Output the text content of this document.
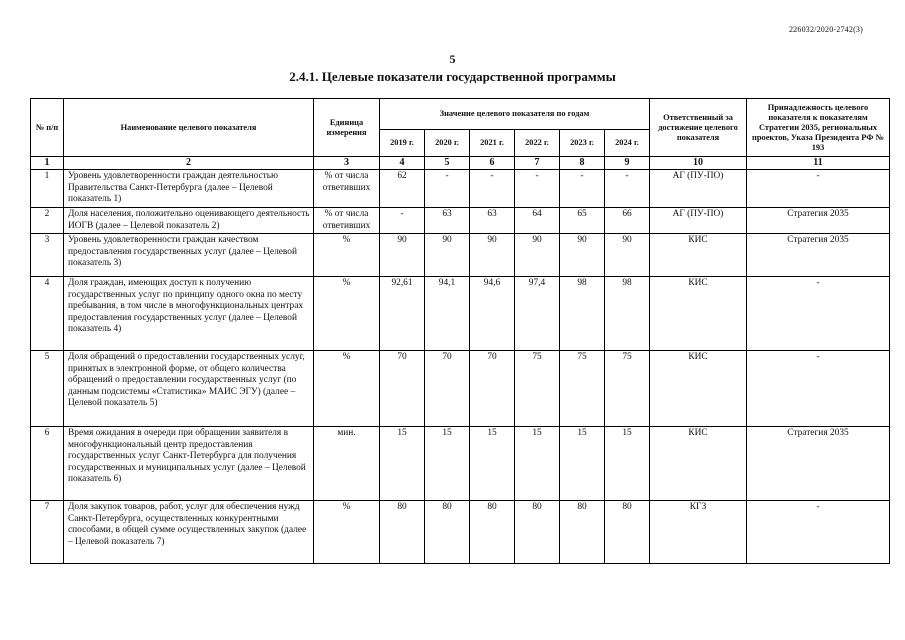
226032/2020-2742(3)
5
2.4.1. Целевые показатели государственной программы
№ п/п	Наименование целевого показателя	Единица измерения	Значение целевого показателя по годам						Ответственный за достижение целевого показателя	Принадлежность целевого показателя к показателям Стратегии 2035, региональных проектов, Указа Президента РФ № 193
			2019 г.	2020 г.	2021 г.	2022 г.	2023 г.	2024 г.		
1	2	3	4	5	6	7	8	9	10	11
1	Уровень удовлетворенности граждан деятельностью Правительства Санкт-Петербурга (далее – Целевой показатель 1)	% от числа ответивших	62	-	-	-	-	-	АГ (ПУ-ПО)	-
2	Доля населения, положительно оценивающего деятельность ИОГВ (далее – Целевой показатель 2)	% от числа ответивших	-	63	63	64	65	66	АГ (ПУ-ПО)	Стратегия 2035
3	Уровень удовлетворенности граждан качеством предоставления государственных услуг (далее – Целевой показатель 3)	%	90	90	90	90	90	90	КИС	Стратегия 2035
4	Доля граждан, имеющих доступ к получению государственных услуг по принципу одного окна по месту пребывания, в том числе в многофункциональных центрах предоставления государственных услуг (далее – Целевой показатель 4)	%	92,61	94,1	94,6	97,4	98	98	КИС	-
5	Доля обращений о предоставлении государственных услуг, принятых в электронной форме, от общего количества обращений о предоставлении государственных услуг (по данным подсистемы «Статистика» МАИС ЭГУ) (далее – Целевой показатель 5)	%	70	70	70	75	75	75	КИС	-
6	Время ожидания в очереди при обращении заявителя в многофункциональный центр предоставления государственных услуг Санкт-Петербурга для получения государственных и муниципальных услуг (далее – Целевой показатель 6)	мин.	15	15	15	15	15	15	КИС	Стратегия 2035
7	Доля закупок товаров, работ, услуг для обеспечения нужд Санкт-Петербурга, осуществленных конкурентными способами, в общей сумме осуществленных закупок (далее – Целевой показатель 7)	%	80	80	80	80	80	80	КГЗ	-
